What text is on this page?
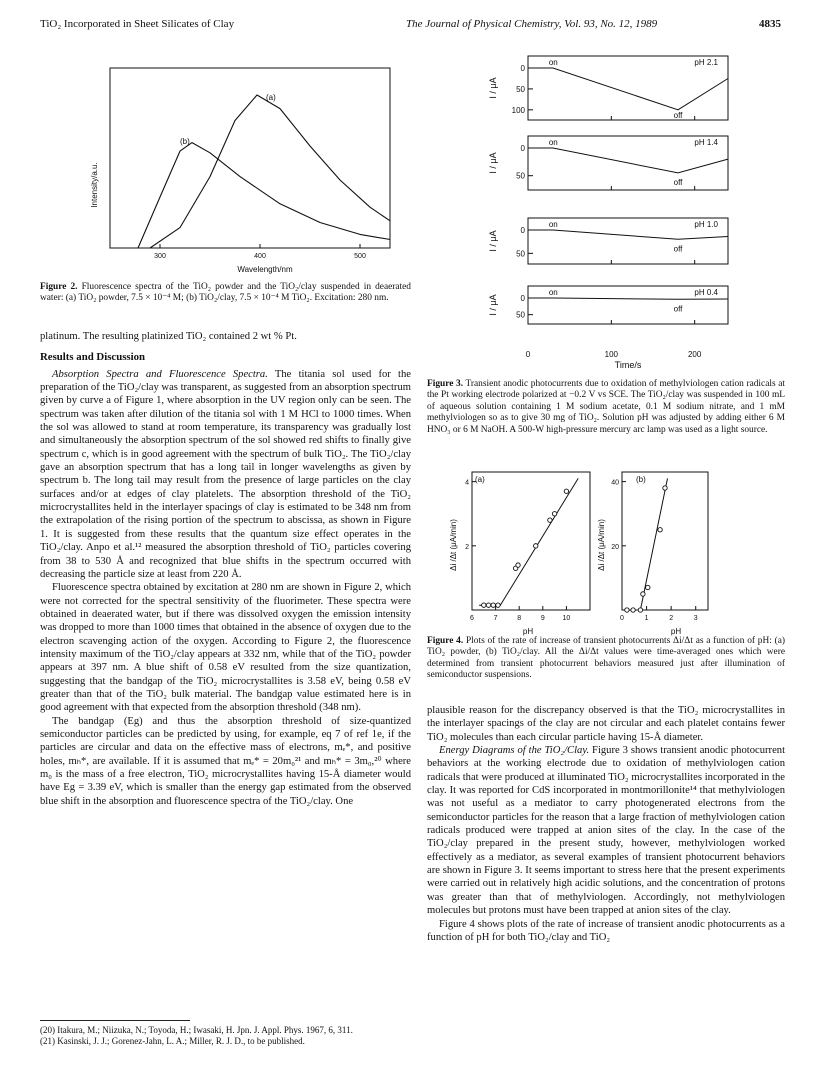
TiO₂ Incorporated in Sheet Silicates of Clay	The Journal of Physical Chemistry, Vol. 93, No. 12, 1989	4835
300	400	500
Intensity/a.u.
Wavelength/nm
(a)
(b)
Figure 2. Fluorescence spectra of the TiO₂ powder and the TiO₂/clay suspended in deaerated water: (a) TiO₂ powder, 7.5 × 10⁻⁴ M; (b) TiO₂/clay, 7.5 × 10⁻⁴ M TiO₂. Excitation: 280 nm.

platinum. The resulting platinized TiO₂ contained 2 wt % Pt.

Results and Discussion

Absorption Spectra and Fluorescence Spectra. The titania sol used for the preparation of the TiO₂/clay was transparent, as suggested from an absorption spectrum given by curve a of Figure 1, where absorption in the UV region only can be seen. The spectrum was taken after dilution of the titania sol with 1 M HCl to 1000 times. When the sol was allowed to stand at room temperature, its transparency was gradually lost and simultaneously the absorption spectrum of the sol showed red shifts to finally give spectrum c, which is in good agreement with the spectrum of bulk TiO₂. The TiO₂/clay gave an absorption spectrum that has a long tail in longer wavelengths as given by spectrum b. The long tail may result from the presence of large particles on the clay surfaces and/or at edges of clay platelets. The absorption threshold of the TiO₂ microcrystallites held in the interlayer spacings of clay is estimated to be 348 nm from the extrapolation of the rising portion of the spectrum to abscissa, as shown in Figure 1. It is suggested from these results that the quantum size effect operates in the TiO₂/clay. Anpo et al.¹² measured the absorption threshold of TiO₂ particles covering from 38 to 530 Å and recognized that blue shifts in the spectrum occurred with decreasing the particle size at least from 220 Å.

Fluorescence spectra obtained by excitation at 280 nm are shown in Figure 2, which were not corrected for the spectral sensitivity of the fluorimeter. These spectra were obtained in deaerated water, but if there was dissolved oxygen the emission intensity was dropped to more than 1000 times that obtained in the absence of oxygen due to the electron scavenging action of the oxygen. According to Figure 2, the fluorescence intensity maximum of the TiO₂/clay appears at 332 nm, while that of the TiO₂ powder appears at 397 nm. A blue shift of 0.58 eV resulted from the size quantization, suggesting that the bandgap of the TiO₂ microcrystallites is 3.58 eV, being 0.58 eV greater than that of the TiO₂ bulk material. The bandgap value estimated here is in good agreement with that expected from the absorption threshold (348 nm).

The bandgap (Eg) and thus the absorption threshold of size-quantized semiconductor particles can be predicted by using, for example, eq 7 of ref 1e, if the particles are circular and data on the effective mass of electrons, mₑ*, and positive holes, mₕ*, are available. If it is assumed that mₑ* = 20m₀²¹ and mₕ* = 3m₀,²⁰ where m₀ is the mass of a free electron, TiO₂ microcrystallites having 15-Å diameter would have Eg = 3.39 eV, which is smaller than the energy gap estimated from the observed blue shift in the absorption and fluorescence spectra of the TiO₂/clay. One

(20) Itakura, M.; Niizuka, N.; Toyoda, H.; Iwasaki, H. Jpn. J. Appl. Phys. 1967, 6, 311.

(21) Kasinski, J. J.; Gorenez-Jahn, L. A.; Miller, R. J. D., to be published.

0
50
100
pH 2.1
on
off
I / μA
0
50
pH 1.4
on
off
I / μA
0
50
pH 1.0
on
off
I / μA
0
50
pH 0.4
on
off
I / μA
0	100	200
Time/s
Figure 3. Transient anodic photocurrents due to oxidation of methylviologen cation radicals at the Pt working electrode polarized at −0.2 V vs SCE. The TiO₂/clay was suspended in 100 mL of aqueous solution containing 1 M sodium acetate, 0.1 M sodium nitrate, and 1 mM methylviologen so as to give 30 mg of TiO₂. Solution pH was adjusted by adding either 6 M HNO₃ or 6 M NaOH. A 500-W high-pressure mercury arc lamp was used as a light source.
6	7	8	9	10
2
4
0	1	2	3
20
40
Δi /Δt (μA/min)	Δi /Δt (μA/min)
pH	pH
(a)	(b)
Figure 4. Plots of the rate of increase of transient photocurrents Δi/Δt as a function of pH: (a) TiO₂ powder, (b) TiO₂/clay. All the Δi/Δt values were time-averaged ones which were determined from transient photocurrent behaviors measured just after illumination of semiconductor suspensions.

plausible reason for the discrepancy observed is that the TiO₂ microcrystallites in the interlayer spacings of the clay are not circular and each platelet contains fewer TiO₂ molecules than each circular particle having 15-Å diameter.

Energy Diagrams of the TiO₂/Clay. Figure 3 shows transient anodic photocurrent behaviors at the working electrode due to oxidation of methylviologen cation radicals that were produced at illuminated TiO₂ microcrystallites incorporated in the clay. It was reported for CdS incorporated in montmorillonite¹⁴ that methylviologen was not useful as a mediator to carry photogenerated electrons from the semiconductor particles for the reason that a large fraction of methylviologen cation radicals produced were trapped at anion sites of the clay. In the case of the TiO₂/clay prepared in the present study, however, methylviologen worked effectively as a mediator, as several examples of transient photocurrent behaviors are shown in Figure 3. It seems important to stress here that the present experiments were carried out in relatively high acidic solutions, and the concentration of protons was greater than that of methylviologen. Accordingly, not methylviologen molecules but protons must have been trapped at anion sites of the clay.

Figure 4 shows plots of the rate of increase of transient anodic photocurrents as a function of pH for both TiO₂/clay and TiO₂
